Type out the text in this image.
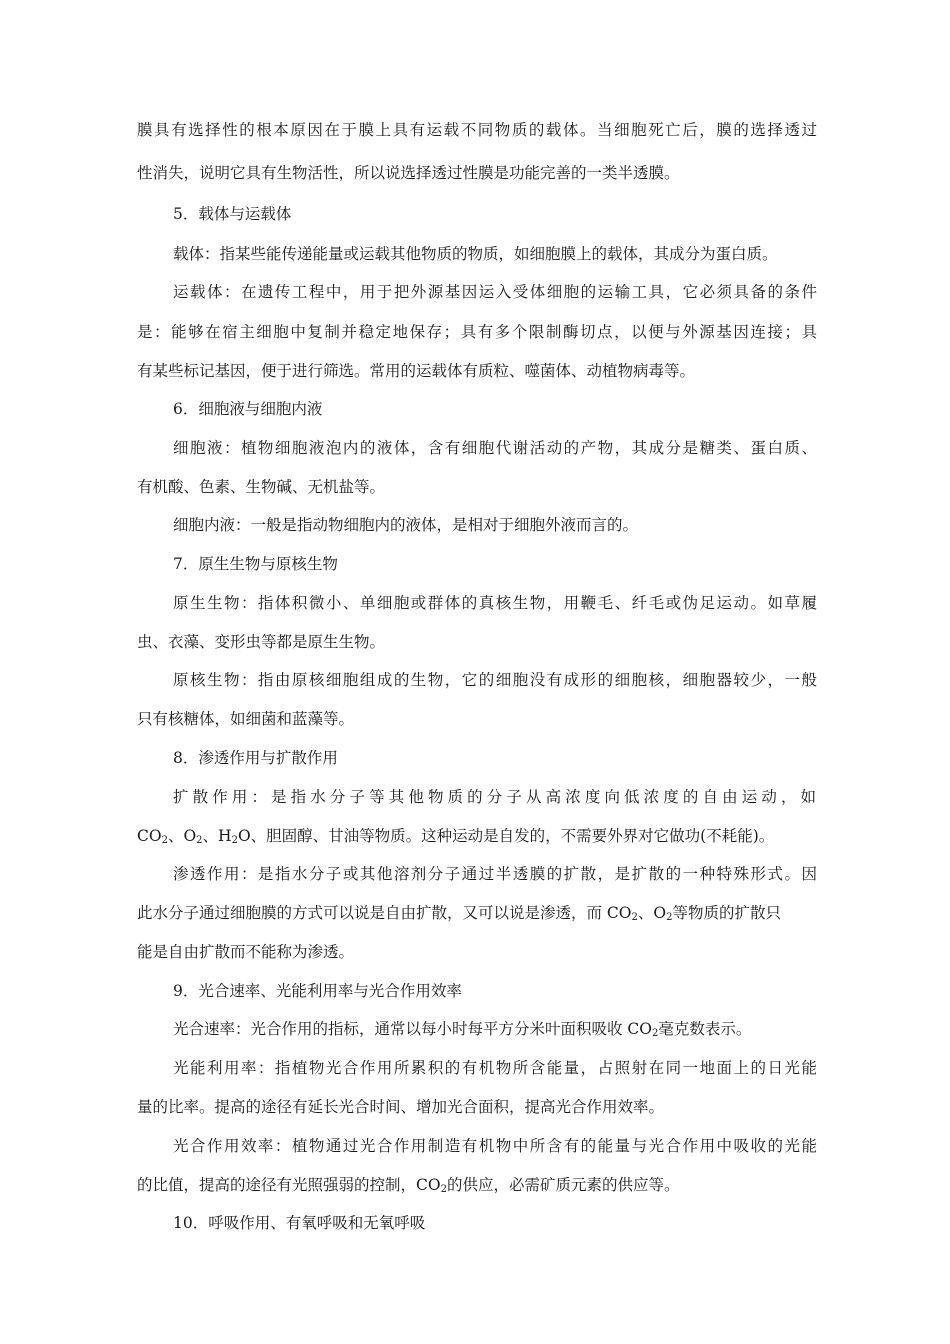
膜具有选择性的根本原因在于膜上具有运载不同物质的载体。当细胞死亡后，膜的选择透过
性消失，说明它具有生物活性，所以说选择透过性膜是功能完善的一类半透膜。
5．载体与运载体
载体：指某些能传递能量或运载其他物质的物质，如细胞膜上的载体，其成分为蛋白质。
运载体：在遗传工程中，用于把外源基因运入受体细胞的运输工具，它必须具备的条件
是：能够在宿主细胞中复制并稳定地保存；具有多个限制酶切点，以便与外源基因连接；具
有某些标记基因，便于进行筛选。常用的运载体有质粒、噬菌体、动植物病毒等。
6．细胞液与细胞内液
细胞液：植物细胞液泡内的液体，含有细胞代谢活动的产物，其成分是糖类、蛋白质、
有机酸、色素、生物碱、无机盐等。
细胞内液：一般是指动物细胞内的液体，是相对于细胞外液而言的。
7．原生生物与原核生物
原生生物：指体积微小、单细胞或群体的真核生物，用鞭毛、纤毛或伪足运动。如草履
虫、衣藻、变形虫等都是原生生物。
原核生物：指由原核细胞组成的生物，它的细胞没有成形的细胞核，细胞器较少，一般
只有核糖体，如细菌和蓝藻等。
8．渗透作用与扩散作用
扩散作用：是指水分子等其他物质的分子从高浓度向低浓度的自由运动，如
$CO_2$、$O_2$、$H_2O$、胆固醇、甘油等物质。这种运动是自发的，不需要外界对它做功(不耗能)。
渗透作用：是指水分子或其他溶剂分子通过半透膜的扩散，是扩散的一种特殊形式。因
此水分子通过细胞膜的方式可以说是自由扩散，又可以说是渗透，而 $CO_2$、$O_2$等物质的扩散只
能是自由扩散而不能称为渗透。
9．光合速率、光能利用率与光合作用效率
光合速率：光合作用的指标，通常以每小时每平方分米叶面积吸收 $CO_2$毫克数表示。
光能利用率：指植物光合作用所累积的有机物所含能量，占照射在同一地面上的日光能
量的比率。提高的途径有延长光合时间、增加光合面积，提高光合作用效率。
光合作用效率：植物通过光合作用制造有机物中所含有的能量与光合作用中吸收的光能
的比值，提高的途径有光照强弱的控制，$CO_2$的供应，必需矿质元素的供应等。
10．呼吸作用、有氧呼吸和无氧呼吸
